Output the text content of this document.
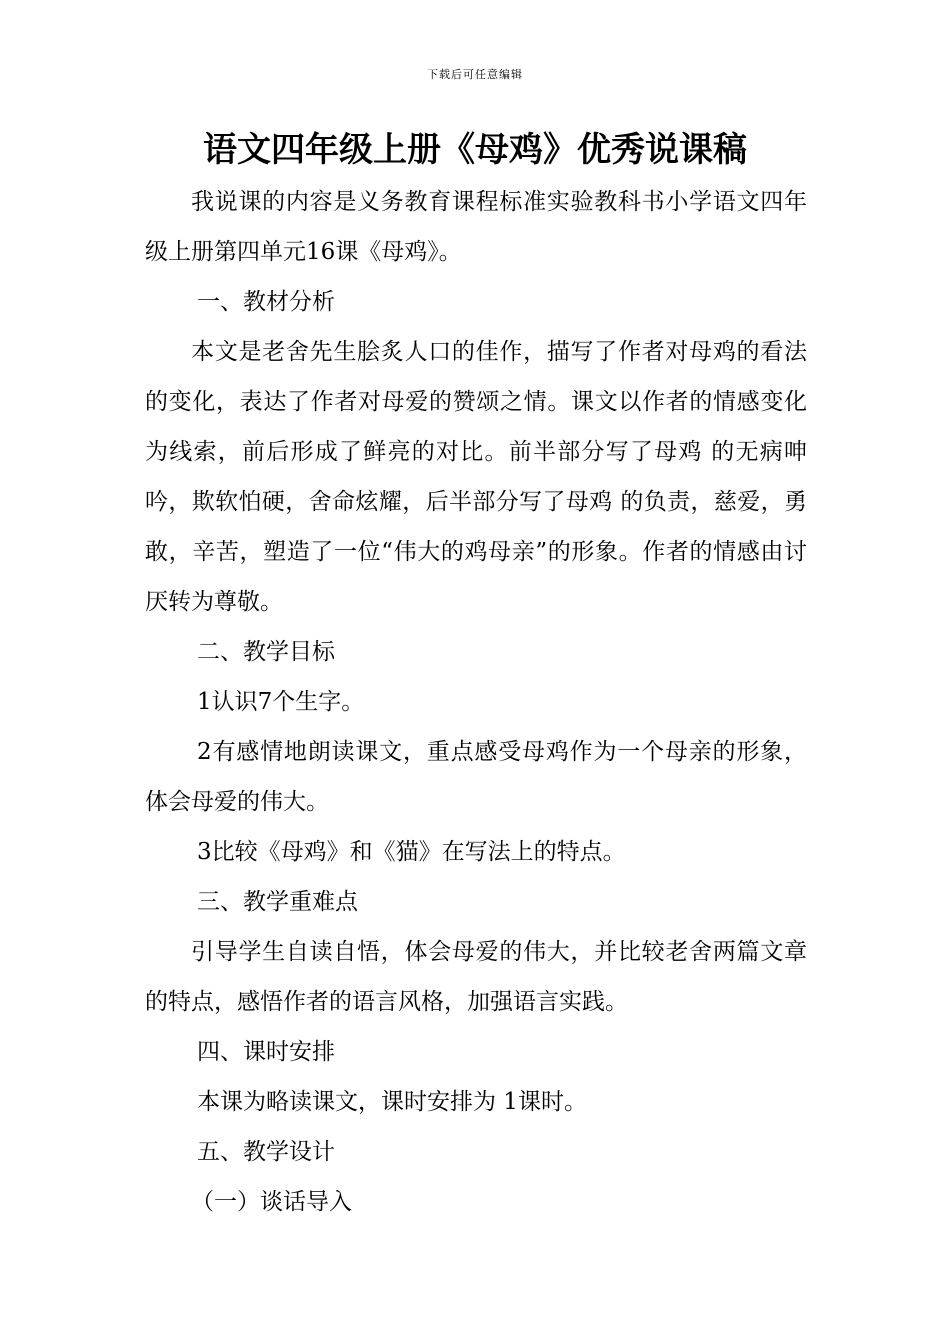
下载后可任意编辑
语文四年级上册《母鸡》优秀说课稿

我说课的内容是义务教育课程标准实验教科书小学语文四年级上册第四单元16课《母鸡》。

一、教材分析

本文是老舍先生脍炙人口的佳作，描写了作者对母鸡的看法的变化，表达了作者对母爱的赞颂之情。课文以作者的情感变化为线索，前后形成了鲜亮的对比。前半部分写了母鸡 的无病呻吟，欺软怕硬，舍命炫耀，后半部分写了母鸡 的负责，慈爱，勇敢，辛苦，塑造了一位“伟大的鸡母亲”的形象。作者的情感由讨厌转为尊敬。

二、教学目标

1认识7个生字。

2有感情地朗读课文，重点感受母鸡作为一个母亲的形象，体会母爱的伟大。

3比较《母鸡》和《猫》在写法上的特点。

三、教学重难点

引导学生自读自悟，体会母爱的伟大，并比较老舍两篇文章的特点，感悟作者的语言风格，加强语言实践。

四、课时安排

本课为略读课文，课时安排为 1课时。

五、教学设计

（一）谈话导入
